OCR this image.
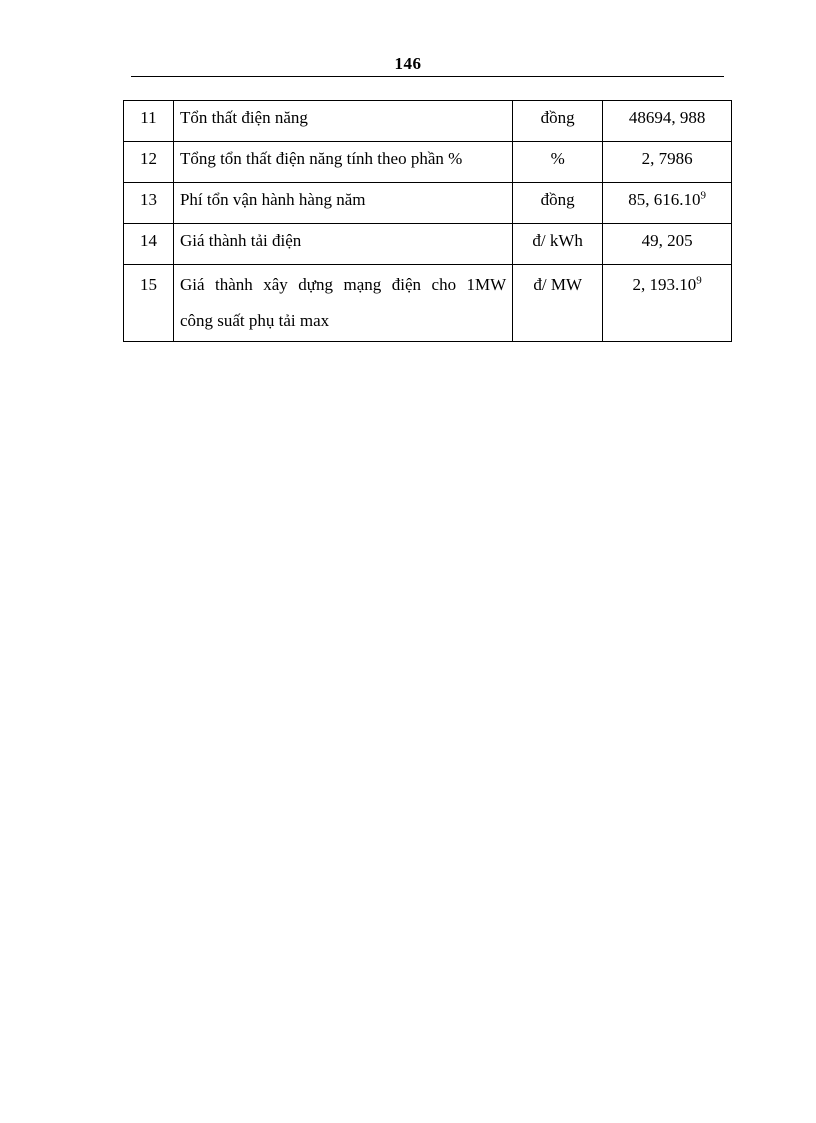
146
11	Tổn thất điện năng	đồng	48694, 988
12	Tổng tổn thất điện năng tính theo phần %	%	2, 7986
13	Phí tổn vận hành hàng năm	đồng	85, 616.10$^9$
14	Giá thành tải điện	đ/ kWh	49, 205
15	Giá thành xây dựng mạng điện cho 1MW
công suất phụ tải max	đ/ MW	2, 193.10$^9$
